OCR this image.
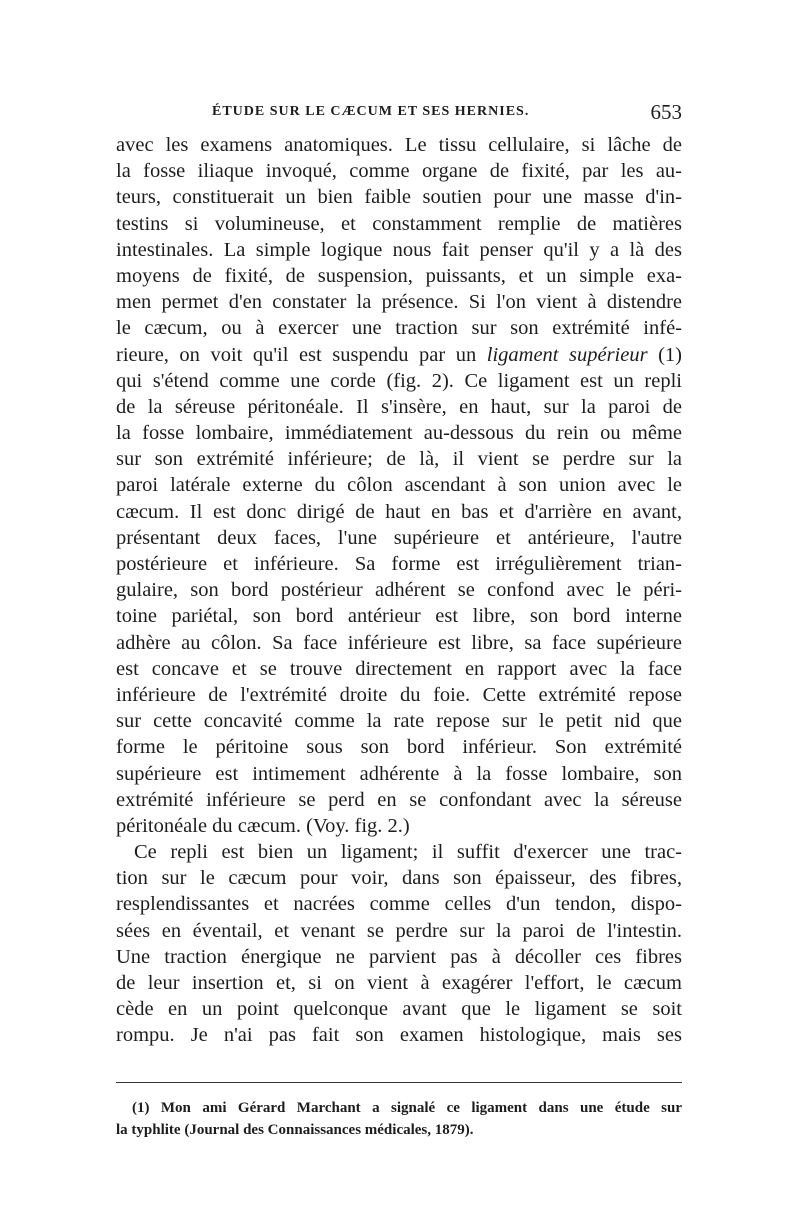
ÉTUDE SUR LE CÆCUM ET SES HERNIES.	653
avec les examens anatomiques. Le tissu cellulaire, si lâche de
la fosse iliaque invoqué, comme organe de fixité, par les au-
teurs, constituerait un bien faible soutien pour une masse d'in-
testins si volumineuse, et constamment remplie de matières
intestinales. La simple logique nous fait penser qu'il y a là des
moyens de fixité, de suspension, puissants, et un simple exa-
men permet d'en constater la présence. Si l'on vient à distendre
le cæcum, ou à exercer une traction sur son extrémité infé-
rieure, on voit qu'il est suspendu par un ligament supérieur (1)
qui s'étend comme une corde (fig. 2). Ce ligament est un repli
de la séreuse péritonéale. Il s'insère, en haut, sur la paroi de
la fosse lombaire, immédiatement au-dessous du rein ou même
sur son extrémité inférieure; de là, il vient se perdre sur la
paroi latérale externe du côlon ascendant à son union avec le
cæcum. Il est donc dirigé de haut en bas et d'arrière en avant,
présentant deux faces, l'une supérieure et antérieure, l'autre
postérieure et inférieure. Sa forme est irrégulièrement trian-
gulaire, son bord postérieur adhérent se confond avec le péri-
toine pariétal, son bord antérieur est libre, son bord interne
adhère au côlon. Sa face inférieure est libre, sa face supérieure
est concave et se trouve directement en rapport avec la face
inférieure de l'extrémité droite du foie. Cette extrémité repose
sur cette concavité comme la rate repose sur le petit nid que
forme le péritoine sous son bord inférieur. Son extrémité
supérieure est intimement adhérente à la fosse lombaire, son
extrémité inférieure se perd en se confondant avec la séreuse
péritonéale du cæcum. (Voy. fig. 2.)
Ce repli est bien un ligament; il suffit d'exercer une trac-
tion sur le cæcum pour voir, dans son épaisseur, des fibres,
resplendissantes et nacrées comme celles d'un tendon, dispo-
sées en éventail, et venant se perdre sur la paroi de l'intestin.
Une traction énergique ne parvient pas à décoller ces fibres
de leur insertion et, si on vient à exagérer l'effort, le cæcum
cède en un point quelconque avant que le ligament se soit
rompu. Je n'ai pas fait son examen histologique, mais ses
(1) Mon ami Gérard Marchant a signalé ce ligament dans une étude sur
la typhlite (Journal des Connaissances médicales, 1879).
